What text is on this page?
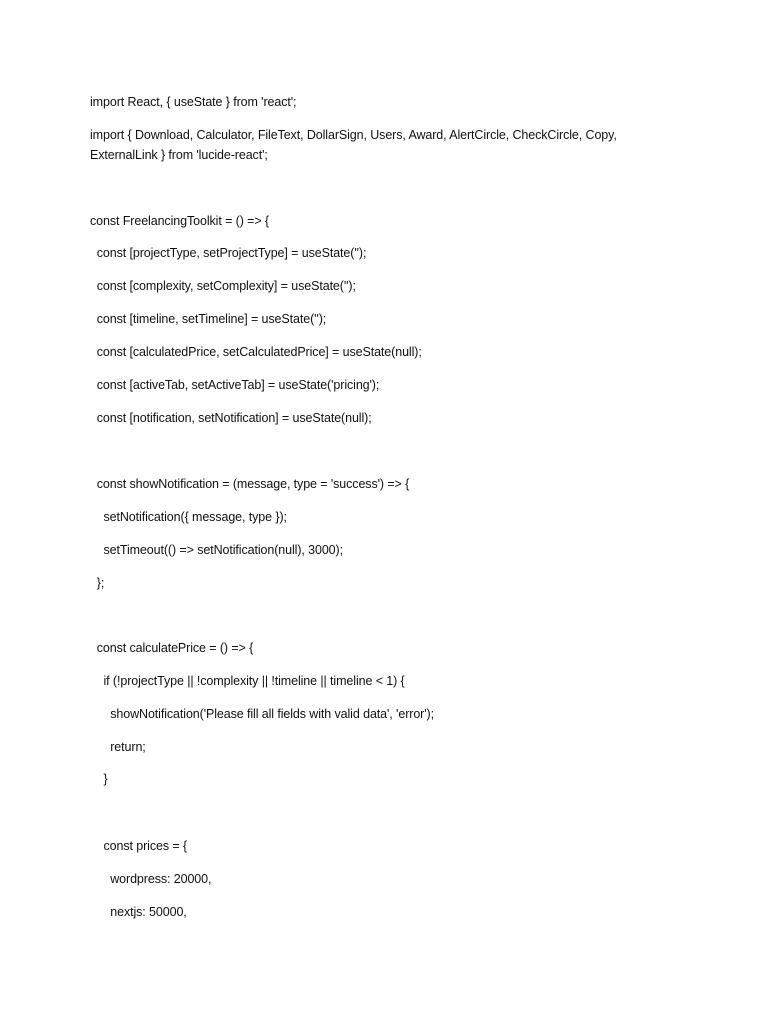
import React, { useState } from 'react';
import { Download, Calculator, FileText, DollarSign, Users, Award, AlertCircle, CheckCircle, Copy,
ExternalLink } from 'lucide-react';
const FreelancingToolkit = () => {
const [projectType, setProjectType] = useState('');
const [complexity, setComplexity] = useState('');
const [timeline, setTimeline] = useState('');
const [calculatedPrice, setCalculatedPrice] = useState(null);
const [activeTab, setActiveTab] = useState('pricing');
const [notification, setNotification] = useState(null);
const showNotification = (message, type = 'success') => {
setNotification({ message, type });
setTimeout(() => setNotification(null), 3000);
};
const calculatePrice = () => {
if (!projectType || !complexity || !timeline || timeline < 1) {
showNotification('Please fill all fields with valid data', 'error');
return;
}
const prices = {
wordpress: 20000,
nextjs: 50000,
